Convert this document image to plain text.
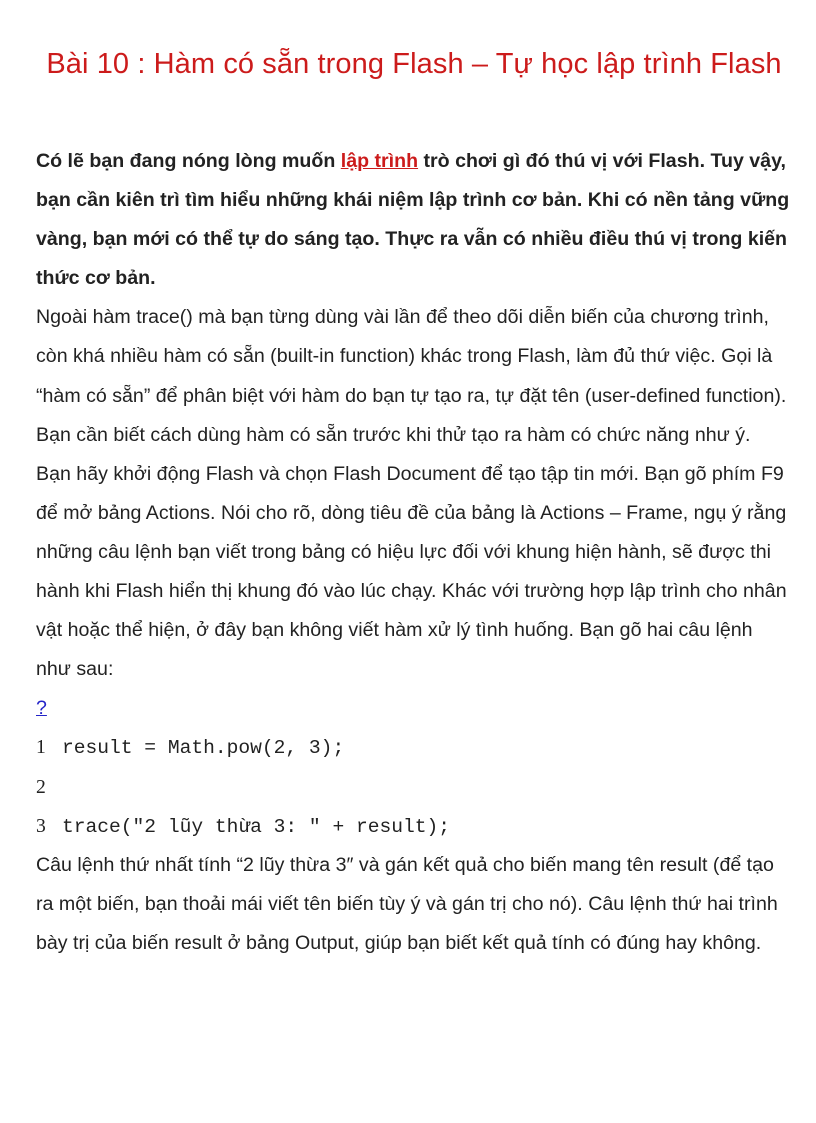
Bài 10 : Hàm có sẵn trong Flash – Tự học lập trình Flash

Có lẽ bạn đang nóng lòng muốn lập trình trò chơi gì đó thú vị với Flash. Tuy vậy, bạn cần kiên trì tìm hiểu những khái niệm lập trình cơ bản. Khi có nền tảng vững vàng, bạn mới có thể tự do sáng tạo. Thực ra vẫn có nhiều điều thú vị trong kiến thức cơ bản.

Ngoài hàm trace() mà bạn từng dùng vài lần để theo dõi diễn biến của chương trình, còn khá nhiều hàm có sẵn (built-in function) khác trong Flash, làm đủ thứ việc. Gọi là “hàm có sẵn” để phân biệt với hàm do bạn tự tạo ra, tự đặt tên (user-defined function). Bạn cần biết cách dùng hàm có sẵn trước khi thử tạo ra hàm có chức năng như ý.

Bạn hãy khởi động Flash và chọn Flash Document để tạo tập tin mới. Bạn gõ phím F9 để mở bảng Actions. Nói cho rõ, dòng tiêu đề của bảng là Actions – Frame, ngụ ý rằng những câu lệnh bạn viết trong bảng có hiệu lực đối với khung hiện hành, sẽ được thi hành khi Flash hiển thị khung đó vào lúc chạy. Khác với trường hợp lập trình cho nhân vật hoặc thể hiện, ở đây bạn không viết hàm xử lý tình huống. Bạn gõ hai câu lệnh như sau:

?
1 result = Math.pow(2, 3);
2
3 trace("2 lũy thừa 3: " + result);

Câu lệnh thứ nhất tính “2 lũy thừa 3″ và gán kết quả cho biến mang tên result (để tạo ra một biến, bạn thoải mái viết tên biến tùy ý và gán trị cho nó). Câu lệnh thứ hai trình bày trị của biến result ở bảng Output, giúp bạn biết kết quả tính có đúng hay không.
